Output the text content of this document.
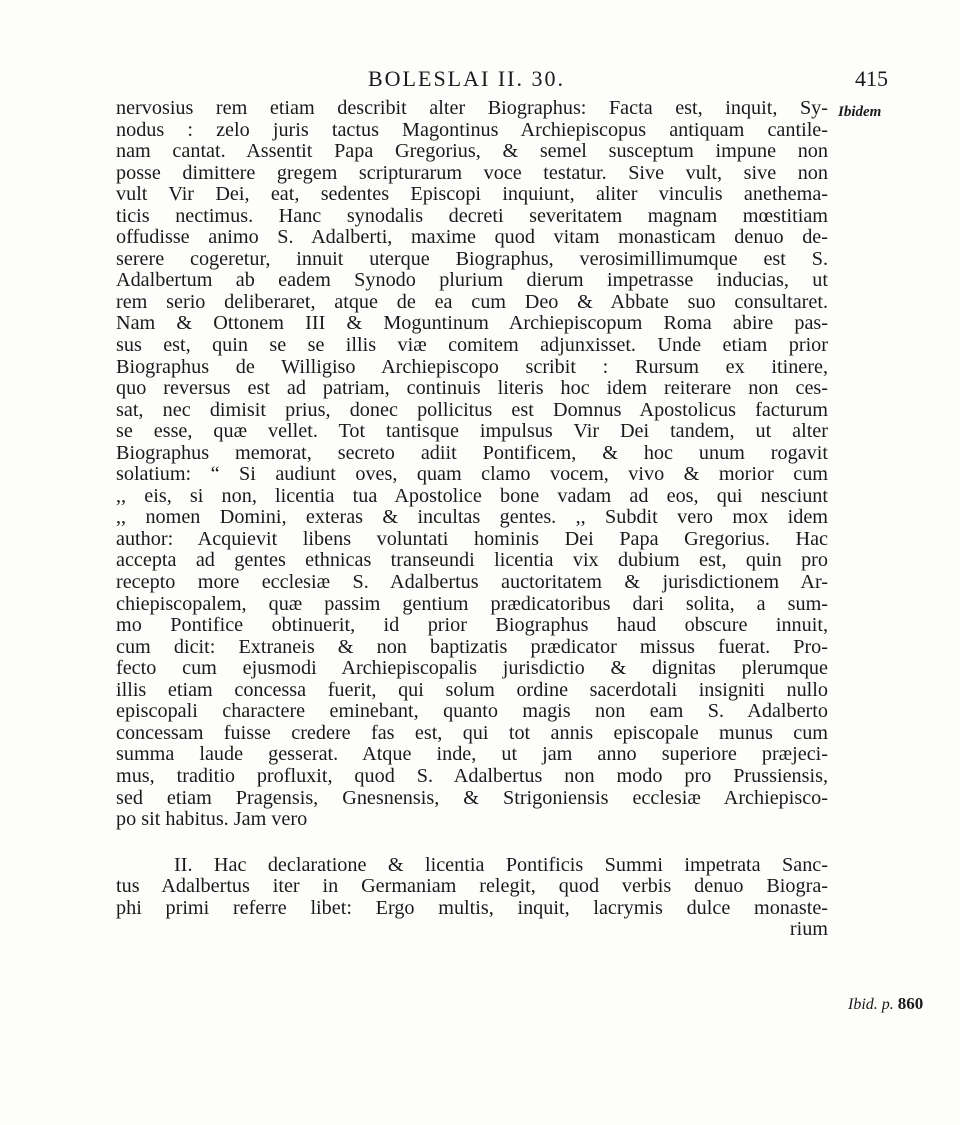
BOLESLAI II. 30.	415
Ibidem
Ibid. p. 860
nervosius rem etiam describit alter Biographus: Facta est, inquit, Sy-
nodus : zelo juris tactus Magontinus Archiepiscopus antiquam cantile-
nam cantat. Assentit Papa Gregorius, & semel susceptum impune non
posse dimittere gregem scripturarum voce testatur. Sive vult, sive non
vult Vir Dei, eat, sedentes Episcopi inquiunt, aliter vinculis anethema-
ticis nectimus. Hanc synodalis decreti severitatem magnam mœstitiam
offudisse animo S. Adalberti, maxime quod vitam monasticam denuo de-
serere cogeretur, innuit uterque Biographus, verosimillimumque est S.
Adalbertum ab eadem Synodo plurium dierum impetrasse inducias, ut
rem serio deliberaret, atque de ea cum Deo & Abbate suo consultaret.
Nam & Ottonem III & Moguntinum Archiepiscopum Roma abire pas-
sus est, quin se se illis viæ comitem adjunxisset. Unde etiam prior
Biographus de Willigiso Archiepiscopo scribit : Rursum ex itinere,
quo reversus est ad patriam, continuis literis hoc idem reiterare non ces-
sat, nec dimisit prius, donec pollicitus est Domnus Apostolicus facturum
se esse, quæ vellet. Tot tantisque impulsus Vir Dei tandem, ut alter
Biographus memorat, secreto adiit Pontificem, & hoc unum rogavit
solatium: “ Si audiunt oves, quam clamo vocem, vivo & morior cum
,, eis, si non, licentia tua Apostolice bone vadam ad eos, qui nesciunt
,, nomen Domini, exteras & incultas gentes. ,, Subdit vero mox idem
author: Acquievit libens voluntati hominis Dei Papa Gregorius. Hac
accepta ad gentes ethnicas transeundi licentia vix dubium est, quin pro
recepto more ecclesiæ S. Adalbertus auctoritatem & jurisdictionem Ar-
chiepiscopalem, quæ passim gentium prædicatoribus dari solita, a sum-
mo Pontifice obtinuerit, id prior Biographus haud obscure innuit,
cum dicit: Extraneis & non baptizatis prædicator missus fuerat. Pro-
fecto cum ejusmodi Archiepiscopalis jurisdictio & dignitas plerumque
illis etiam concessa fuerit, qui solum ordine sacerdotali insigniti nullo
episcopali charactere eminebant, quanto magis non eam S. Adalberto
concessam fuisse credere fas est, qui tot annis episcopale munus cum
summa laude gesserat. Atque inde, ut jam anno superiore præjeci-
mus, traditio profluxit, quod S. Adalbertus non modo pro Prussiensis,
sed etiam Pragensis, Gnesnensis, & Strigoniensis ecclesiæ Archiepisco-
po sit habitus. Jam vero
II. Hac declaratione & licentia Pontificis Summi impetrata Sanc-
tus Adalbertus iter in Germaniam relegit, quod verbis denuo Biogra-
phi primi referre libet: Ergo multis, inquit, lacrymis dulce monaste-
rium
